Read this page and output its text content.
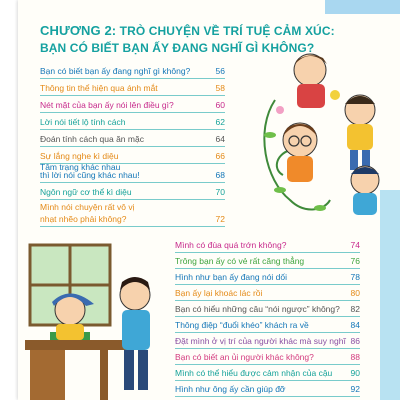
CHƯƠNG 2: TRÒ CHUYỆN VỀ TRÍ TUỆ CẢM XÚC:
BẠN CÓ BIẾT BẠN ẤY ĐANG NGHĨ GÌ KHÔNG?
Bạn có biết bạn ấy đang nghĩ gì không?	56
Thông tin thể hiện qua ánh mắt	58
Nét mặt của bạn ấy nói lên điều gì?	60
Lời nói tiết lộ tính cách	62
Đoán tính cách qua ăn mặc	64
Sự lắng nghe kì diệu	66
Tâm trạng khác nhau
thì lời nói cũng khác nhau!	68
Ngôn ngữ cơ thể kì diệu	70
Mình nói chuyện rất vô vị
nhạt nhẽo phải không?	72
Mình có đùa quá trớn không?	74
Trông bạn ấy có vẻ rất căng thẳng	76
Hình như bạn ấy đang nói dối	78
Bạn ấy lại khoác lác rồi	80
Bạn có hiểu những câu “nói ngược” không? 82
Thông điệp “đuổi khéo” khách ra về	84
Đặt mình ở vị trí của người khác mà suy nghĩ 86
Bạn có biết an ủi người khác không?	88
Mình có thể hiểu được cảm nhận của cậu 90
Hình như ông ấy cần giúp đỡ	92
